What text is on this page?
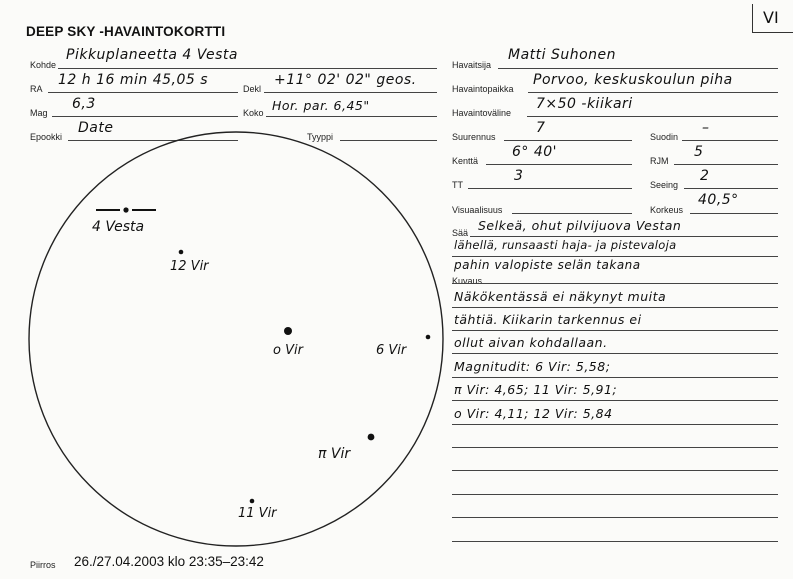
DEEP SKY -HAVAINTOKORTTI
VI
Kohde
Pikkuplaneetta 4 Vesta
RA
12 h 16 min 45,05 s
Dekl
+11° 02' 02" geos.
Mag
6,3
Koko Hor. par. 6,45"
Epookki
Date
Tyyppi
Havaitsija
Matti Suhonen
Havaintopaikka
Porvoo, keskuskoulun piha
Havaintoväline
7×50 -kiikari
Suurennus
7
Suodin
–
Kenttä
6° 40'
RJM
5
TT
3
Seeing
2
Visuaalisuus	Korkeus
40,5°
Sää Selkeä, ohut pilvijuova Vestan
lähellä, runsaasti haja- ja pistevaloja
pahin valopiste selän takana
Kuvaus
Näkökentässä ei näkynyt muita
tähtiä. Kiikarin tarkennus ei
ollut aivan kohdallaan.
Magnitudit: 6 Vir: 5,58;
π Vir: 4,65; 11 Vir: 5,91;
o Vir: 4,11; 12 Vir: 5,84
4 Vesta
12 Vir
o Vir	6 Vir
π Vir
11 Vir
Piirros 26./27.04.2003 klo 23:35–23:42
